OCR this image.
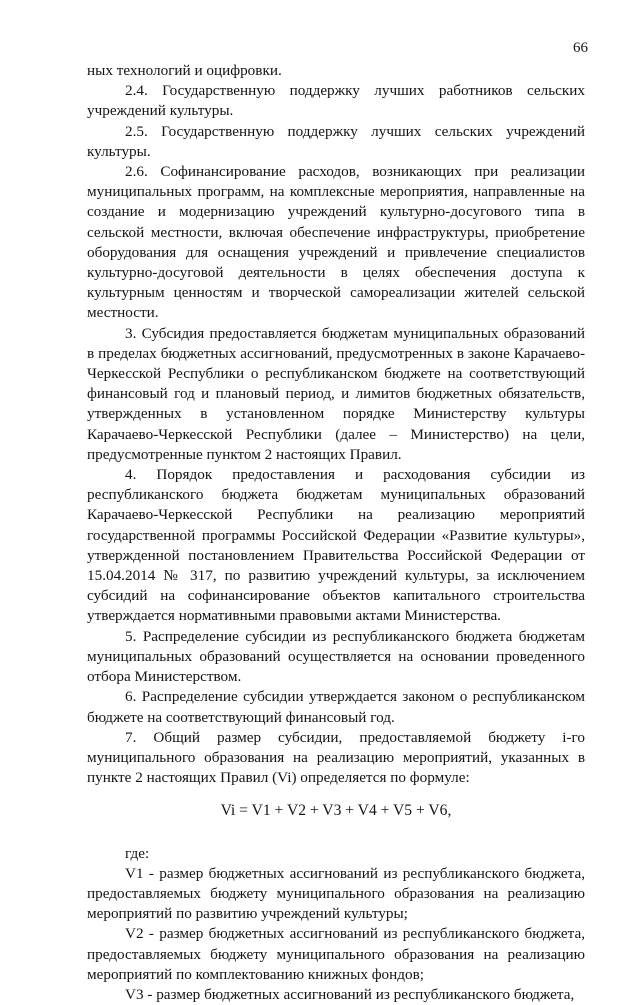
66

ных технологий и оцифровки.

2.4. Государственную поддержку лучших работников сельских учреждений культуры.

2.5. Государственную поддержку лучших сельских учреждений культуры.

2.6. Софинансирование расходов, возникающих при реализации муниципальных программ, на комплексные мероприятия, направленные на создание и модернизацию учреждений культурно-досугового типа в сельской местности, включая обеспечение инфраструктуры, приобретение оборудования для оснащения учреждений и привлечение специалистов культурно-досуговой деятельности в целях обеспечения доступа к культурным ценностям и творческой самореализации жителей сельской местности.

3. Субсидия предоставляется бюджетам муниципальных образований в пределах бюджетных ассигнований, предусмотренных в законе Карачаево-Черкесской Республики о республиканском бюджете на соответствующий финансовый год и плановый период, и лимитов бюджетных обязательств, утвержденных в установленном порядке Министерству культуры Карачаево-Черкесской Республики (далее – Министерство) на цели, предусмотренные пунктом 2 настоящих Правил.

4. Порядок предоставления и расходования субсидии из республиканского бюджета бюджетам муниципальных образований Карачаево-Черкесской Республики на реализацию мероприятий государственной программы Российской Федерации «Развитие культуры», утвержденной постановлением Правительства Российской Федерации от 15.04.2014 № 317, по развитию учреждений культуры, за исключением субсидий на софинансирование объектов капитального строительства утверждается нормативными правовыми актами Министерства.

5. Распределение субсидии из республиканского бюджета бюджетам муниципальных образований осуществляется на основании проведенного отбора Министерством.

6. Распределение субсидии утверждается законом о республиканском бюджете на соответствующий финансовый год.

7. Общий размер субсидии, предоставляемой бюджету i-го муниципального образования на реализацию мероприятий, указанных в пункте 2 настоящих Правил (Vi) определяется по формуле:

Vi = V1 + V2 + V3 + V4 + V5 + V6,

где:

V1 - размер бюджетных ассигнований из республиканского бюджета, предоставляемых бюджету муниципального образования на реализацию мероприятий по развитию учреждений культуры;

V2 - размер бюджетных ассигнований из республиканского бюджета, предоставляемых бюджету муниципального образования на реализацию мероприятий по комплектованию книжных фондов;

V3 - размер бюджетных ассигнований из республиканского бюджета,
